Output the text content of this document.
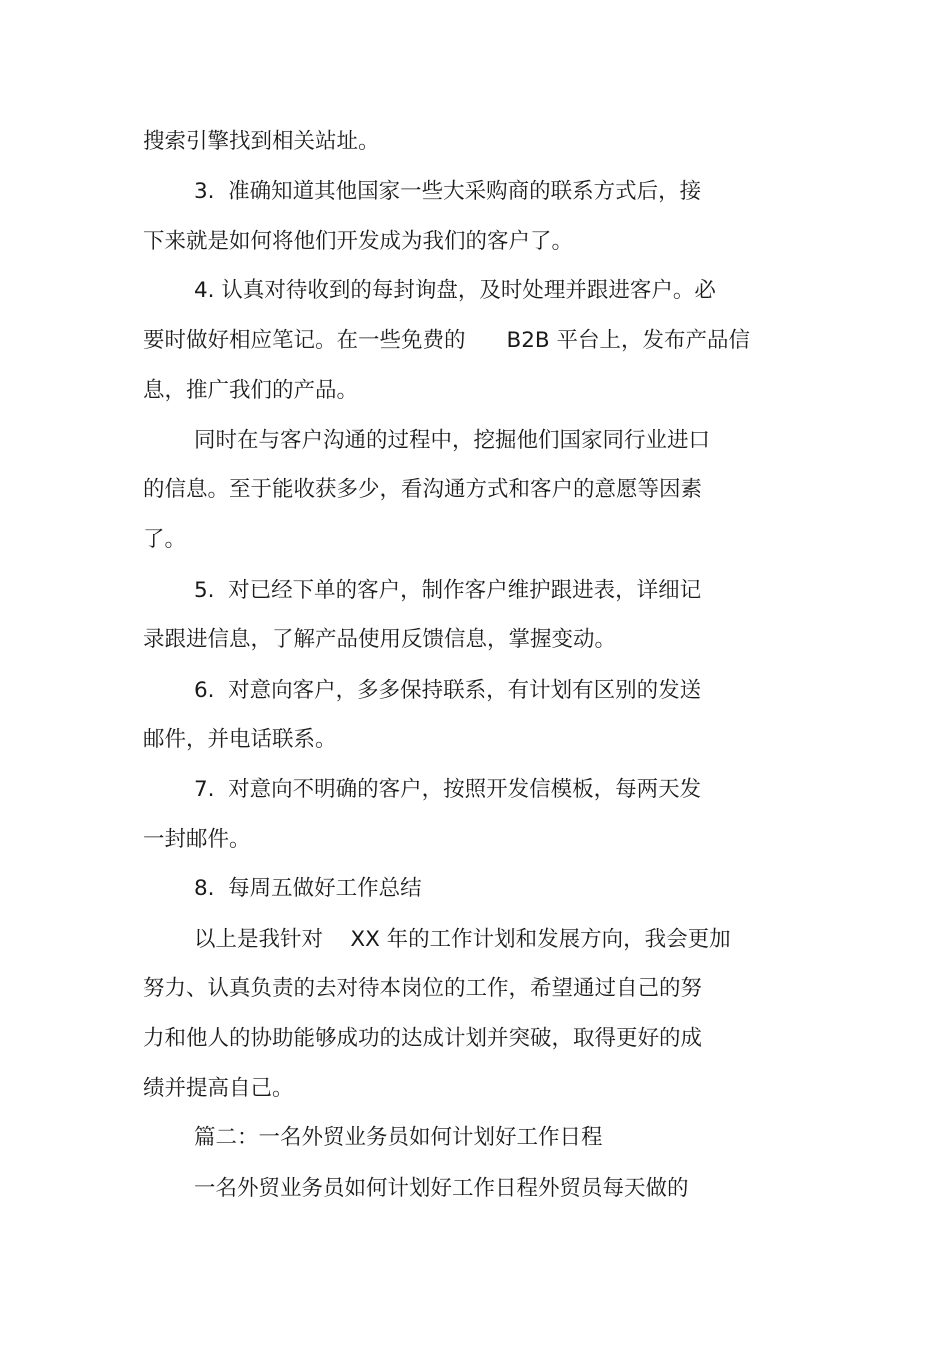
搜索引擎找到相关站址。
3.  准确知道其他国家一些大采购商的联系方式后，接
下来就是如何将他们开发成为我们的客户了。
4. 认真对待收到的每封询盘，及时处理并跟进客户。必
要时做好相应笔记。在一些免费的      B2B 平台上，发布产品信
息，推广我们的产品。
同时在与客户沟通的过程中，挖掘他们国家同行业进口
的信息。至于能收获多少，看沟通方式和客户的意愿等因素
了。
5.  对已经下单的客户，制作客户维护跟进表，详细记
录跟进信息，了解产品使用反馈信息，掌握变动。
6.  对意向客户，多多保持联系，有计划有区别的发送
邮件，并电话联系。
7.  对意向不明确的客户，按照开发信模板，每两天发
一封邮件。
8.  每周五做好工作总结
以上是我针对    XX 年的工作计划和发展方向，我会更加
努力、认真负责的去对待本岗位的工作，希望通过自己的努
力和他人的协助能够成功的达成计划并突破，取得更好的成
绩并提高自己。
篇二：一名外贸业务员如何计划好工作日程
一名外贸业务员如何计划好工作日程外贸员每天做的
